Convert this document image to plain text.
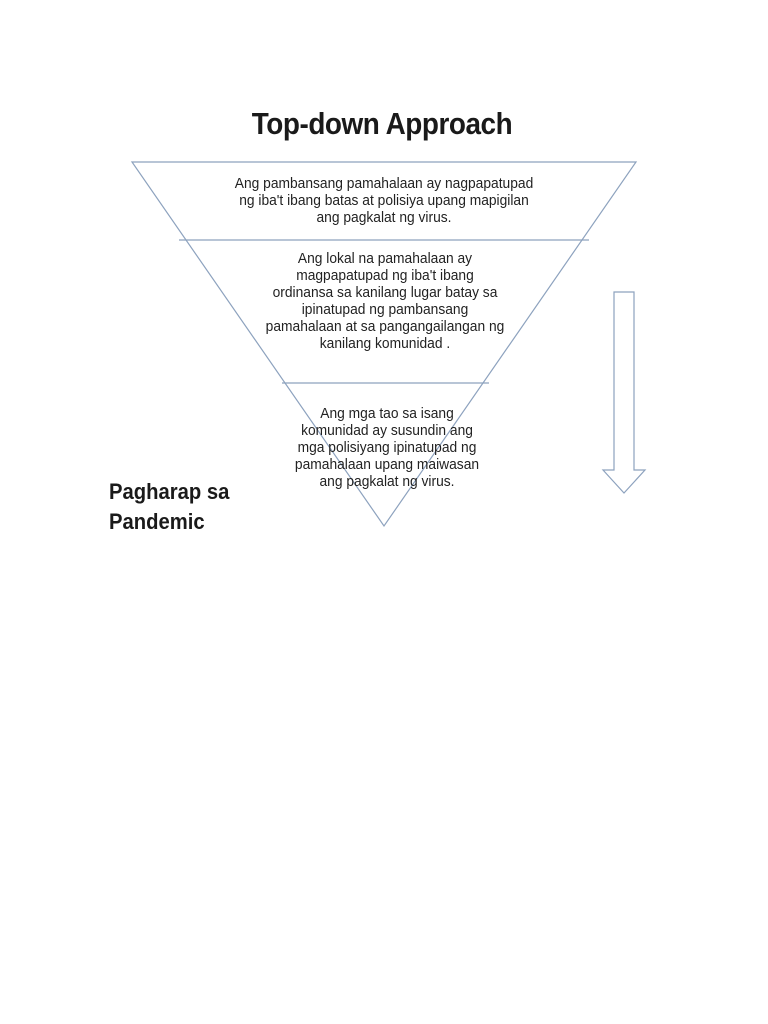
Top-down Approach
Ang pambansang pamahalaan ay nagpapatupad
ng iba't ibang batas at polisiya upang mapigilan
ang pagkalat ng virus.
Ang lokal na pamahalaan ay
magpapatupad ng iba't ibang
ordinansa sa kanilang lugar batay sa
ipinatupad ng pambansang
pamahalaan at sa pangangailangan ng
kanilang komunidad .
Ang mga tao sa isang
komunidad ay susundin ang
mga polisiyang ipinatupad ng
pamahalaan upang maiwasan
ang pagkalat ng virus.
Pagharap sa
Pandemic
